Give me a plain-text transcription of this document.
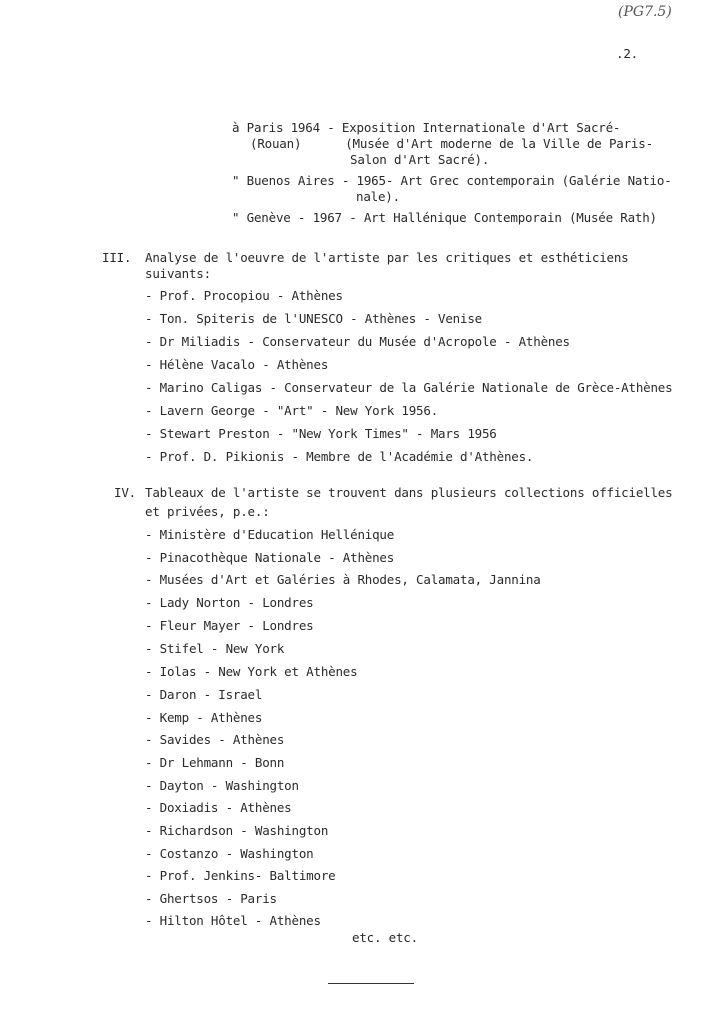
(PG7.5)
.2.
à Paris 1964 - Exposition Internationale d'Art Sacré-
(Rouan)      (Musée d'Art moderne de la Ville de Paris-
Salon d'Art Sacré).
" Buenos Aires - 1965- Art Grec contemporain (Galérie Natio-
nale).
" Genève - 1967 - Art Hallénique Contemporain (Musée Rath)
III. Analyse de l'oeuvre de l'artiste par les critiques et esthéticiens
suivants:
- Prof. Procopiou - Athènes
- Ton. Spiteris de l'UNESCO - Athènes - Venise
- Dr Miliadis - Conservateur du Musée d'Acropole - Athènes
- Hélène Vacalo - Athènes
- Marino Caligas - Conservateur de la Galérie Nationale de Grèce-Athènes
- Lavern George - "Art" - New York 1956.
- Stewart Preston - "New York Times" - Mars 1956
- Prof. D. Pikionis - Membre de l'Académie d'Athènes.
IV. Tableaux de l'artiste se trouvent dans plusieurs collections officielles
et privées, p.e.:
- Ministère d'Education Hellénique
- Pinacothèque Nationale - Athènes
- Musées d'Art et Galéries à Rhodes, Calamata, Jannina
- Lady Norton - Londres
- Fleur Mayer - Londres
- Stifel - New York
- Iolas - New York et Athènes
- Daron - Israel
- Kemp - Athènes
- Savides - Athènes
- Dr Lehmann - Bonn
- Dayton - Washington
- Doxiadis - Athènes
- Richardson - Washington
- Costanzo - Washington
- Prof. Jenkins- Baltimore
- Ghertsos - Paris
- Hilton Hôtel - Athènes
etc. etc.
